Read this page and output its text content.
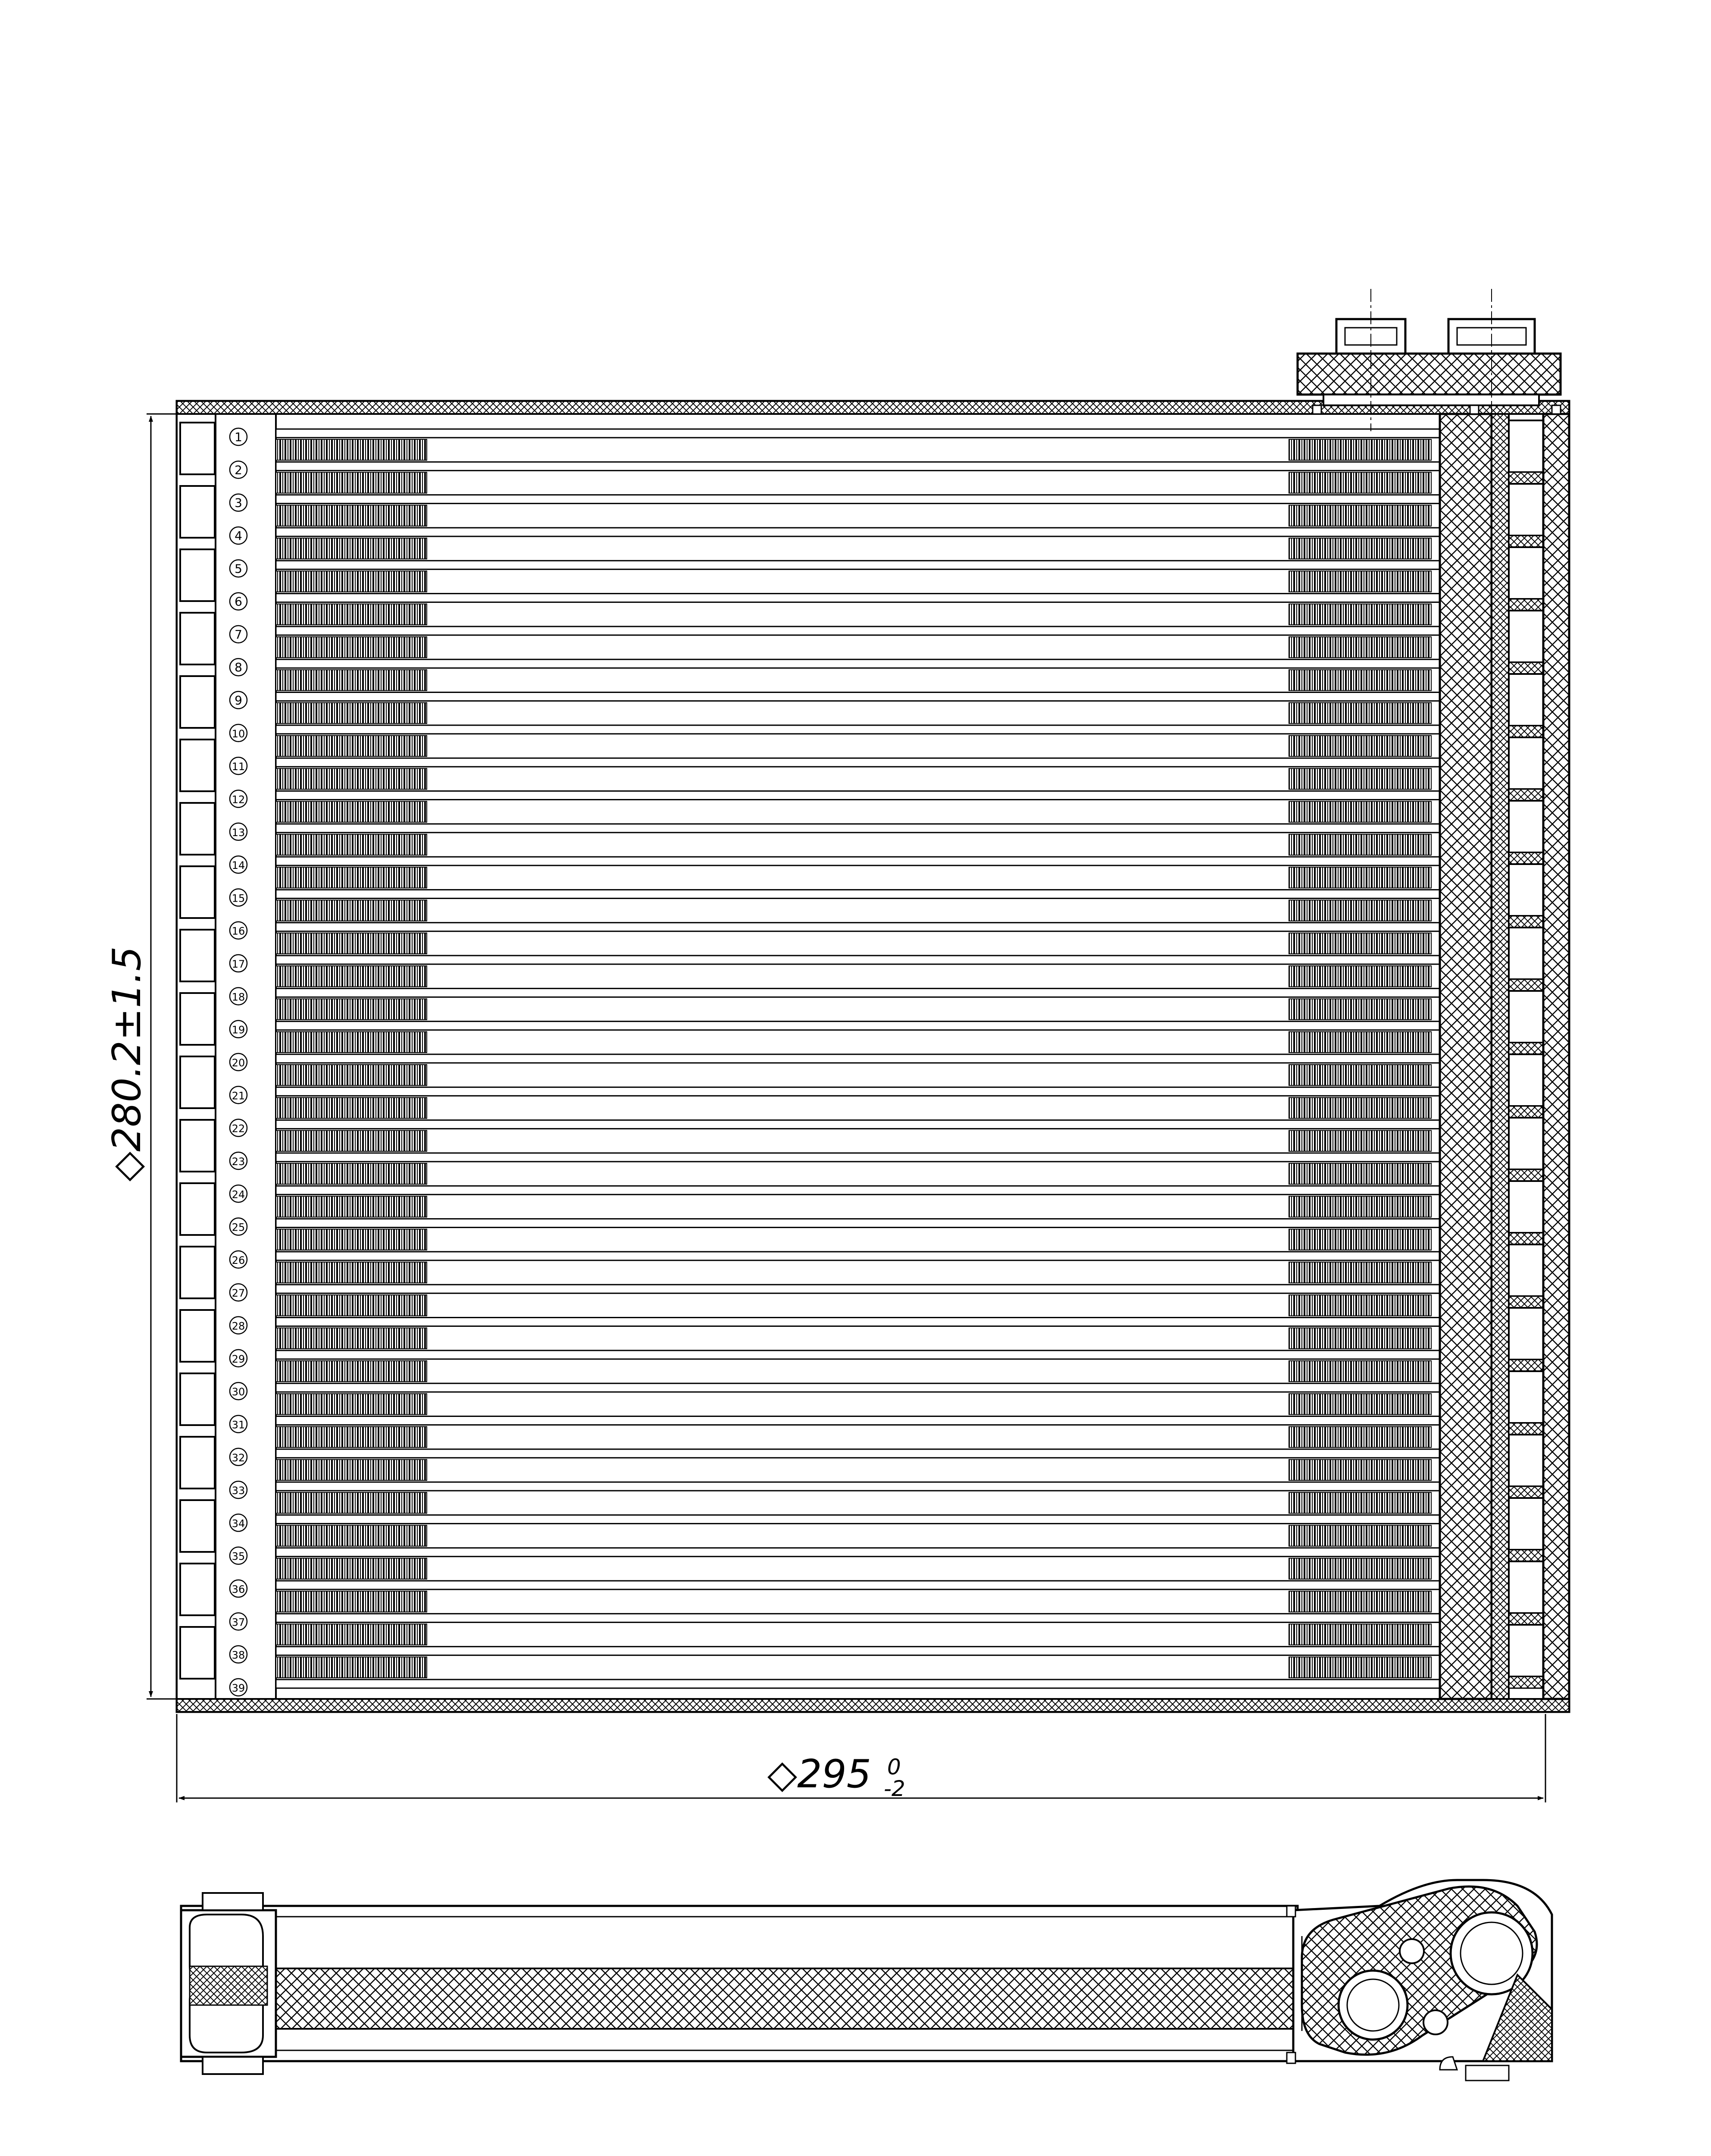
1
2
3
4
5
6
7
8
9
10
11
12
13
14
15
16
17
18
19
20
21
22
23
24
25
26
27
28
29
30
31
32
33
34
35
36
37
38
39
◇280.2±1.5
◇295 0
-2
